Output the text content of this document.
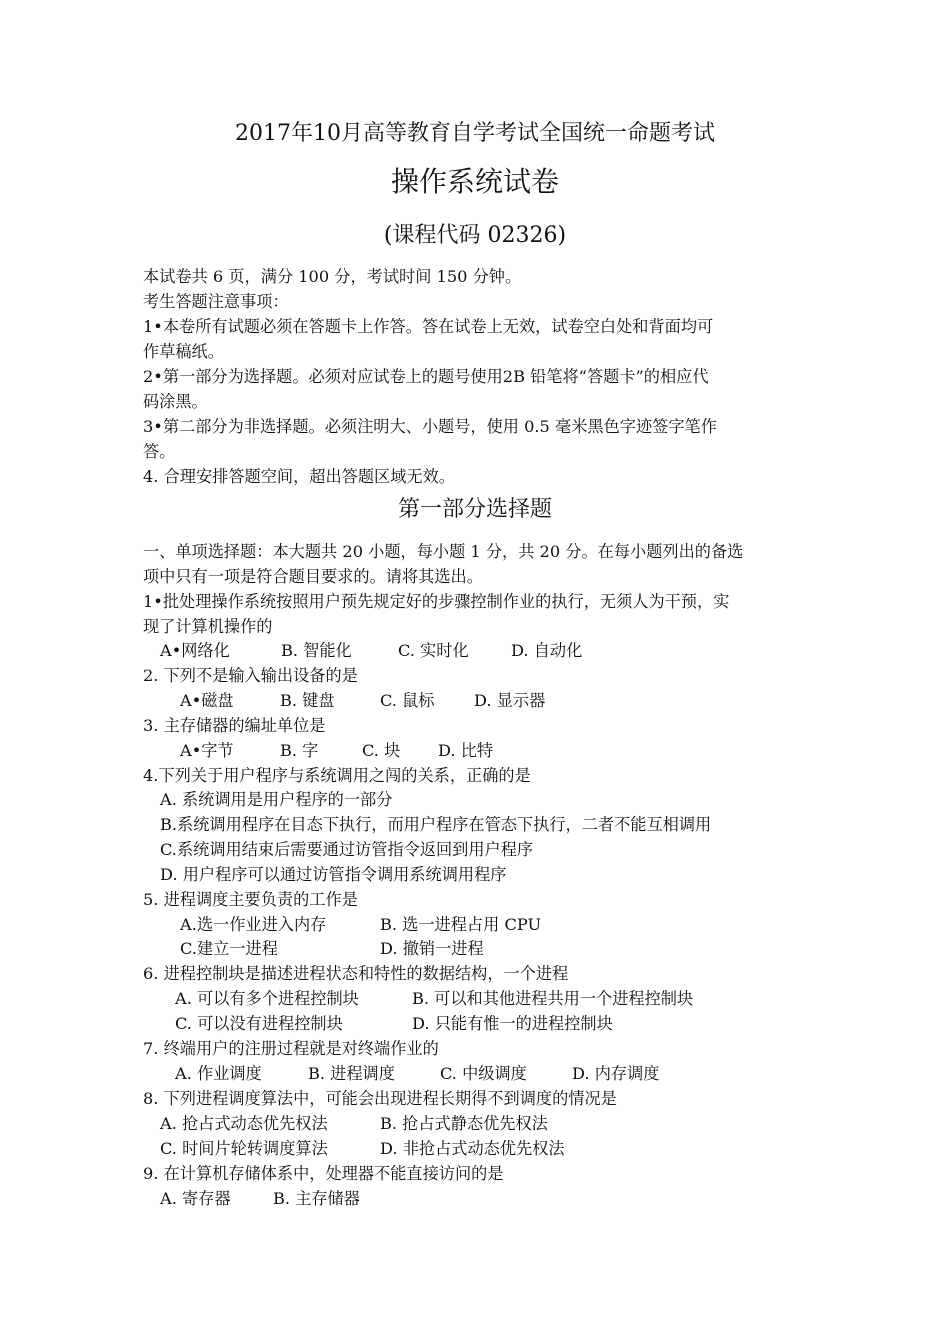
2017年10月高等教育自学考试全国统一命题考试
操作系统试卷
(课程代码 02326)
本试卷共 6 页，满分 100 分，考试时间 150 分钟。
考生答题注意事项：
1•本卷所有试题必须在答题卡上作答。答在试卷上无效，试卷空白处和背面均可
作草稿纸。
2•第一部分为选择题。必须对应试卷上的题号使用2B 铅笔将“答题卡”的相应代
码涂黑。
3•第二部分为非选择题。必须注明大、小题号，使用 0.5 毫米黑色字迹签字笔作
答。
4. 合理安排答题空间，超出答题区域无效。
第一部分选择题
一、单项选择题：本大题共 20 小题，每小题 1 分，共 20 分。在每小题列出的备选
项中只有一项是符合题目要求的。请将其选出。
1•批处理操作系统按照用户预先规定好的步骤控制作业的执行，无须人为干预，实
现了计算机操作的
A•网络化	B. 智能化	C. 实时化	D. 自动化
2. 下列不是输入输出设备的是
A•磁盘	B. 键盘	C. 鼠标 D. 显示器
3. 主存储器的编址单位是
A•字节	B. 字	C. 块 D. 比特
4.下列关于用户程序与系统调用之闯的关系，正确的是
A. 系统调用是用户程序的一部分
B.系统调用程序在目态下执行，而用户程序在管态下执行，二者不能互相调用
C.系统调用结束后需要通过访管指令返回到用户程序
D. 用户程序可以通过访管指令调用系统调用程序
5. 进程调度主要负责的工作是
A.选一作业进入内存	B. 选一进程占用 CPU
C.建立一进程	D. 撤销一进程
6. 进程控制块是描述进程状态和特性的数据结构，一个进程
A. 可以有多个进程控制块	B. 可以和其他进程共用一个进程控制块
C. 可以没有进程控制块	D. 只能有惟一的进程控制块
7. 终端用户的注册过程就是对终端作业的
A. 作业调度	B. 进程调度	C. 中级调度	D. 内存调度
8. 下列进程调度算法中，可能会出现进程长期得不到调度的情况是
A. 抢占式动态优先权法	B. 抢占式静态优先权法
C. 时间片轮转调度算法	D. 非抢占式动态优先权法
9. 在计算机存储体系中，处理器不能直接访问的是
A. 寄存器	B. 主存储器
